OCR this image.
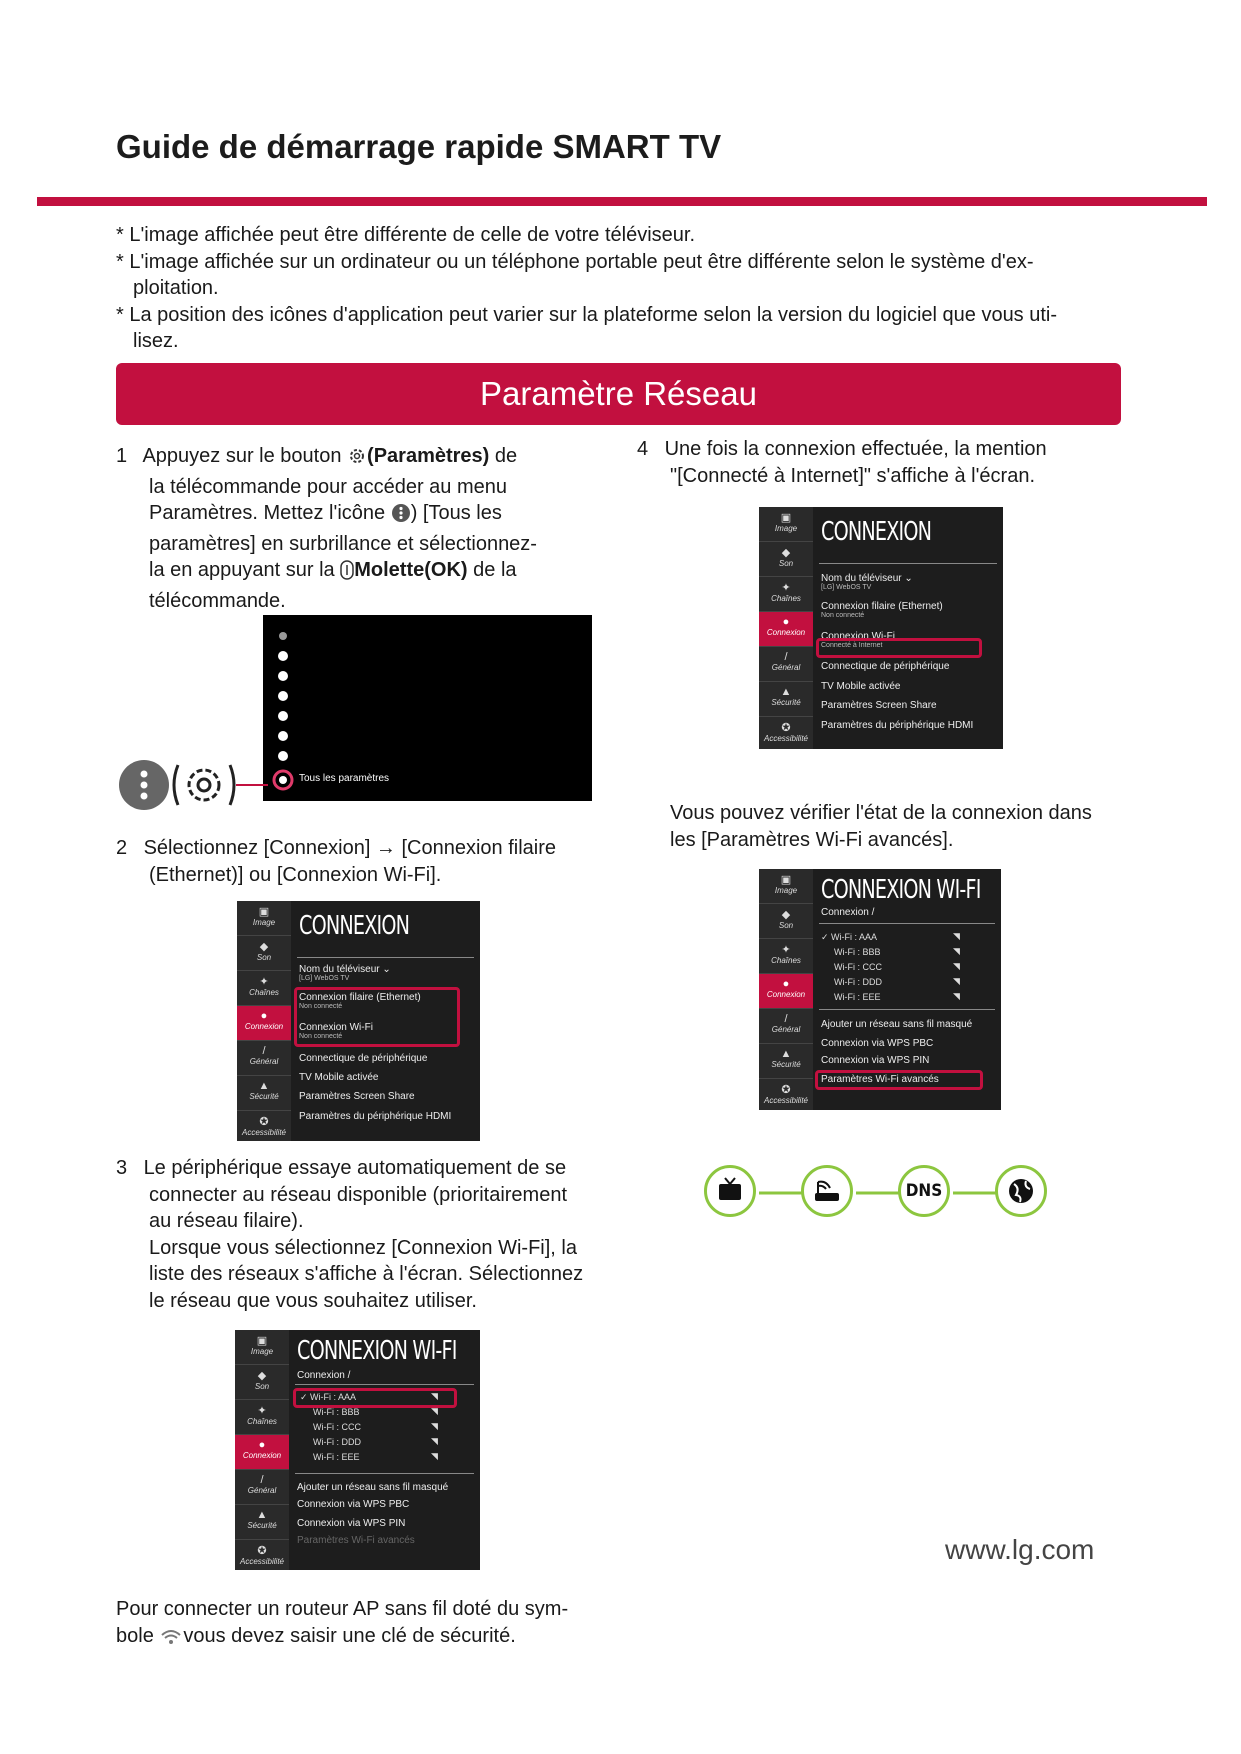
Guide de démarrage rapide SMART TV
* L'image affichée peut être différente de celle de votre téléviseur.
* L'image affichée sur un ordinateur ou un téléphone portable peut être différente selon le système d'ex-ploitation.
* La position des icônes d'application peut varier sur la plateforme selon la version du logiciel que vous uti-lisez.
Paramètre Réseau
1 Appuyez sur le bouton (Paramètres) de
la télécommande pour accéder au menu
Paramètres. Mettez l'icône ) [Tous les
paramètres] en surbrillance et sélectionnez-
la en appuyant sur la Molette(OK) de la
télécommande.
Tous les paramètres
2 Sélectionnez [Connexion] → [Connexion filaire
(Ethernet)] ou [Connexion Wi-Fi].
▣
Image
◆
Son
✦
Chaînes
●
Connexion
/
Général
▲
Sécurité
✪
Accessibilité
CONNEXION
Nom du téléviseur ⌄
[LG] WebOS TV
Connexion filaire (Ethernet)
Non connecté
Connexion Wi-Fi
Non connecté
Connectique de périphérique
TV Mobile activée
Paramètres Screen Share
Paramètres du périphérique HDMI
3 Le périphérique essaye automatiquement de se
connecter au réseau disponible (prioritairement
au réseau filaire).
Lorsque vous sélectionnez [Connexion Wi-Fi], la
liste des réseaux s'affiche à l'écran. Sélectionnez
le réseau que vous souhaitez utiliser.
▣
Image
◆
Son
✦
Chaînes
●
Connexion
/
Général
▲
Sécurité
✪
Accessibilité
CONNEXION WI-FI
Connexion /
✓ Wi-Fi : AAA
Wi-Fi : BBB
Wi-Fi : CCC
Wi-Fi : DDD
Wi-Fi : EEE
◥
◥
◥
◥
◥
Ajouter un réseau sans fil masqué
Connexion via WPS PBC
Connexion via WPS PIN
Paramètres Wi-Fi avancés
Pour connecter un routeur AP sans fil doté du sym-
bole vous devez saisir une clé de sécurité.
4 Une fois la connexion effectuée, la mention
"[Connecté à Internet]" s'affiche à l'écran.
▣
Image
◆
Son
✦
Chaînes
●
Connexion
/
Général
▲
Sécurité
✪
Accessibilité
CONNEXION
Nom du téléviseur ⌄
[LG] WebOS TV
Connexion filaire (Ethernet)
Non connecté
Connexion Wi-Fi
Connecté à Internet
Connectique de périphérique
TV Mobile activée
Paramètres Screen Share
Paramètres du périphérique HDMI
Vous pouvez vérifier l'état de la connexion dans
les [Paramètres Wi-Fi avancés].
▣
Image
◆
Son
✦
Chaînes
●
Connexion
/
Général
▲
Sécurité
✪
Accessibilité
CONNEXION WI-FI
Connexion /
✓ Wi-Fi : AAA
Wi-Fi : BBB
Wi-Fi : CCC
Wi-Fi : DDD
Wi-Fi : EEE
◥
◥
◥
◥
◥
Ajouter un réseau sans fil masqué
Connexion via WPS PBC
Connexion via WPS PIN
Paramètres Wi-Fi avancés
DNS
www.lg.com
